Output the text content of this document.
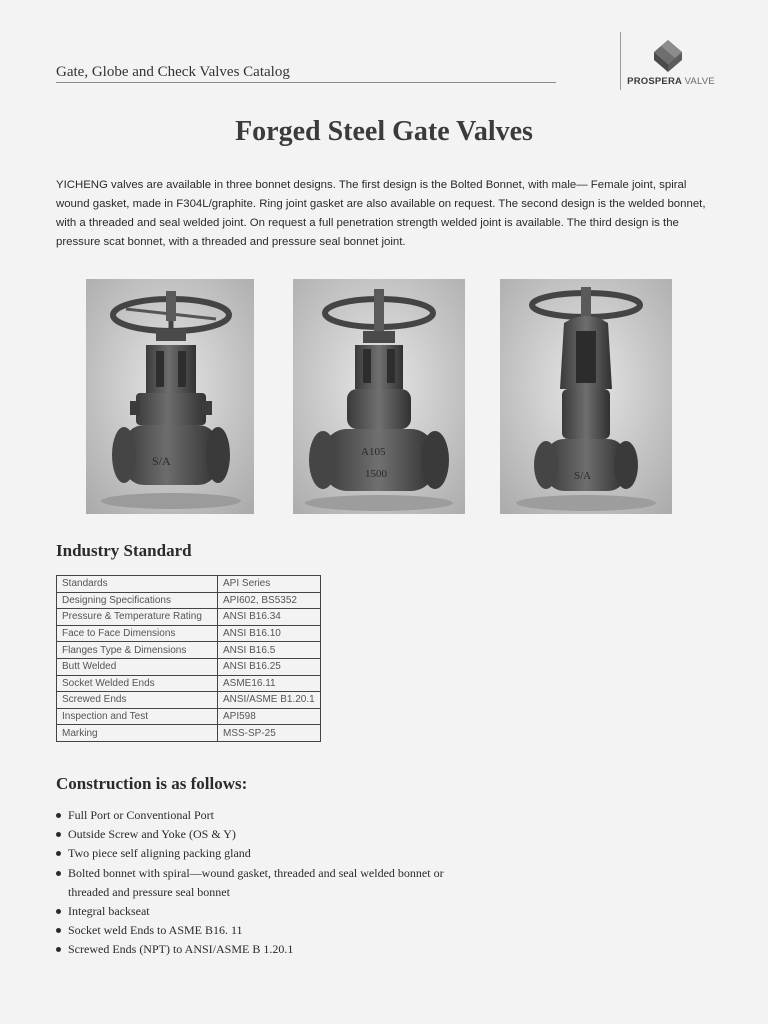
Gate, Globe and Check Valves Catalog
PROSPERA VALVE
Forged Steel Gate Valves
YICHENG valves are available in three bonnet designs. The first design is the Bolted Bonnet, with male— Female joint, spiral wound gasket, made in F304L/graphite. Ring joint gasket are also available on request. The second design is the welded bonnet, with a threaded and seal welded joint. On request a full penetration strength welded joint is available. The third design is the pressure scat bonnet, with a threaded and pressure seal bonnet joint.
S/A
A105
1500	S/A
Industry Standard
Standards	API Series
Designing Specifications	API602, BS5352
Pressure & Temperature Rating	ANSI B16.34
Face to Face Dimensions	ANSI B16.10
Flanges Type & Dimensions	ANSI B16.5
Butt Welded	ANSI B16.25
Socket Welded Ends	ASME16.11
Screwed Ends	ANSI/ASME B1.20.1
Inspection and Test	API598
Marking	MSS-SP-25
Construction is as follows:
Full Port or Conventional Port
Outside Screw and Yoke (OS & Y)
Two piece self aligning packing gland
Bolted bonnet with spiral—wound gasket, threaded and seal welded bonnet or threaded and pressure seal bonnet
Integral backseat
Socket weld Ends to ASME B16. 11
Screwed Ends (NPT) to ANSI/ASME B 1.20.1
